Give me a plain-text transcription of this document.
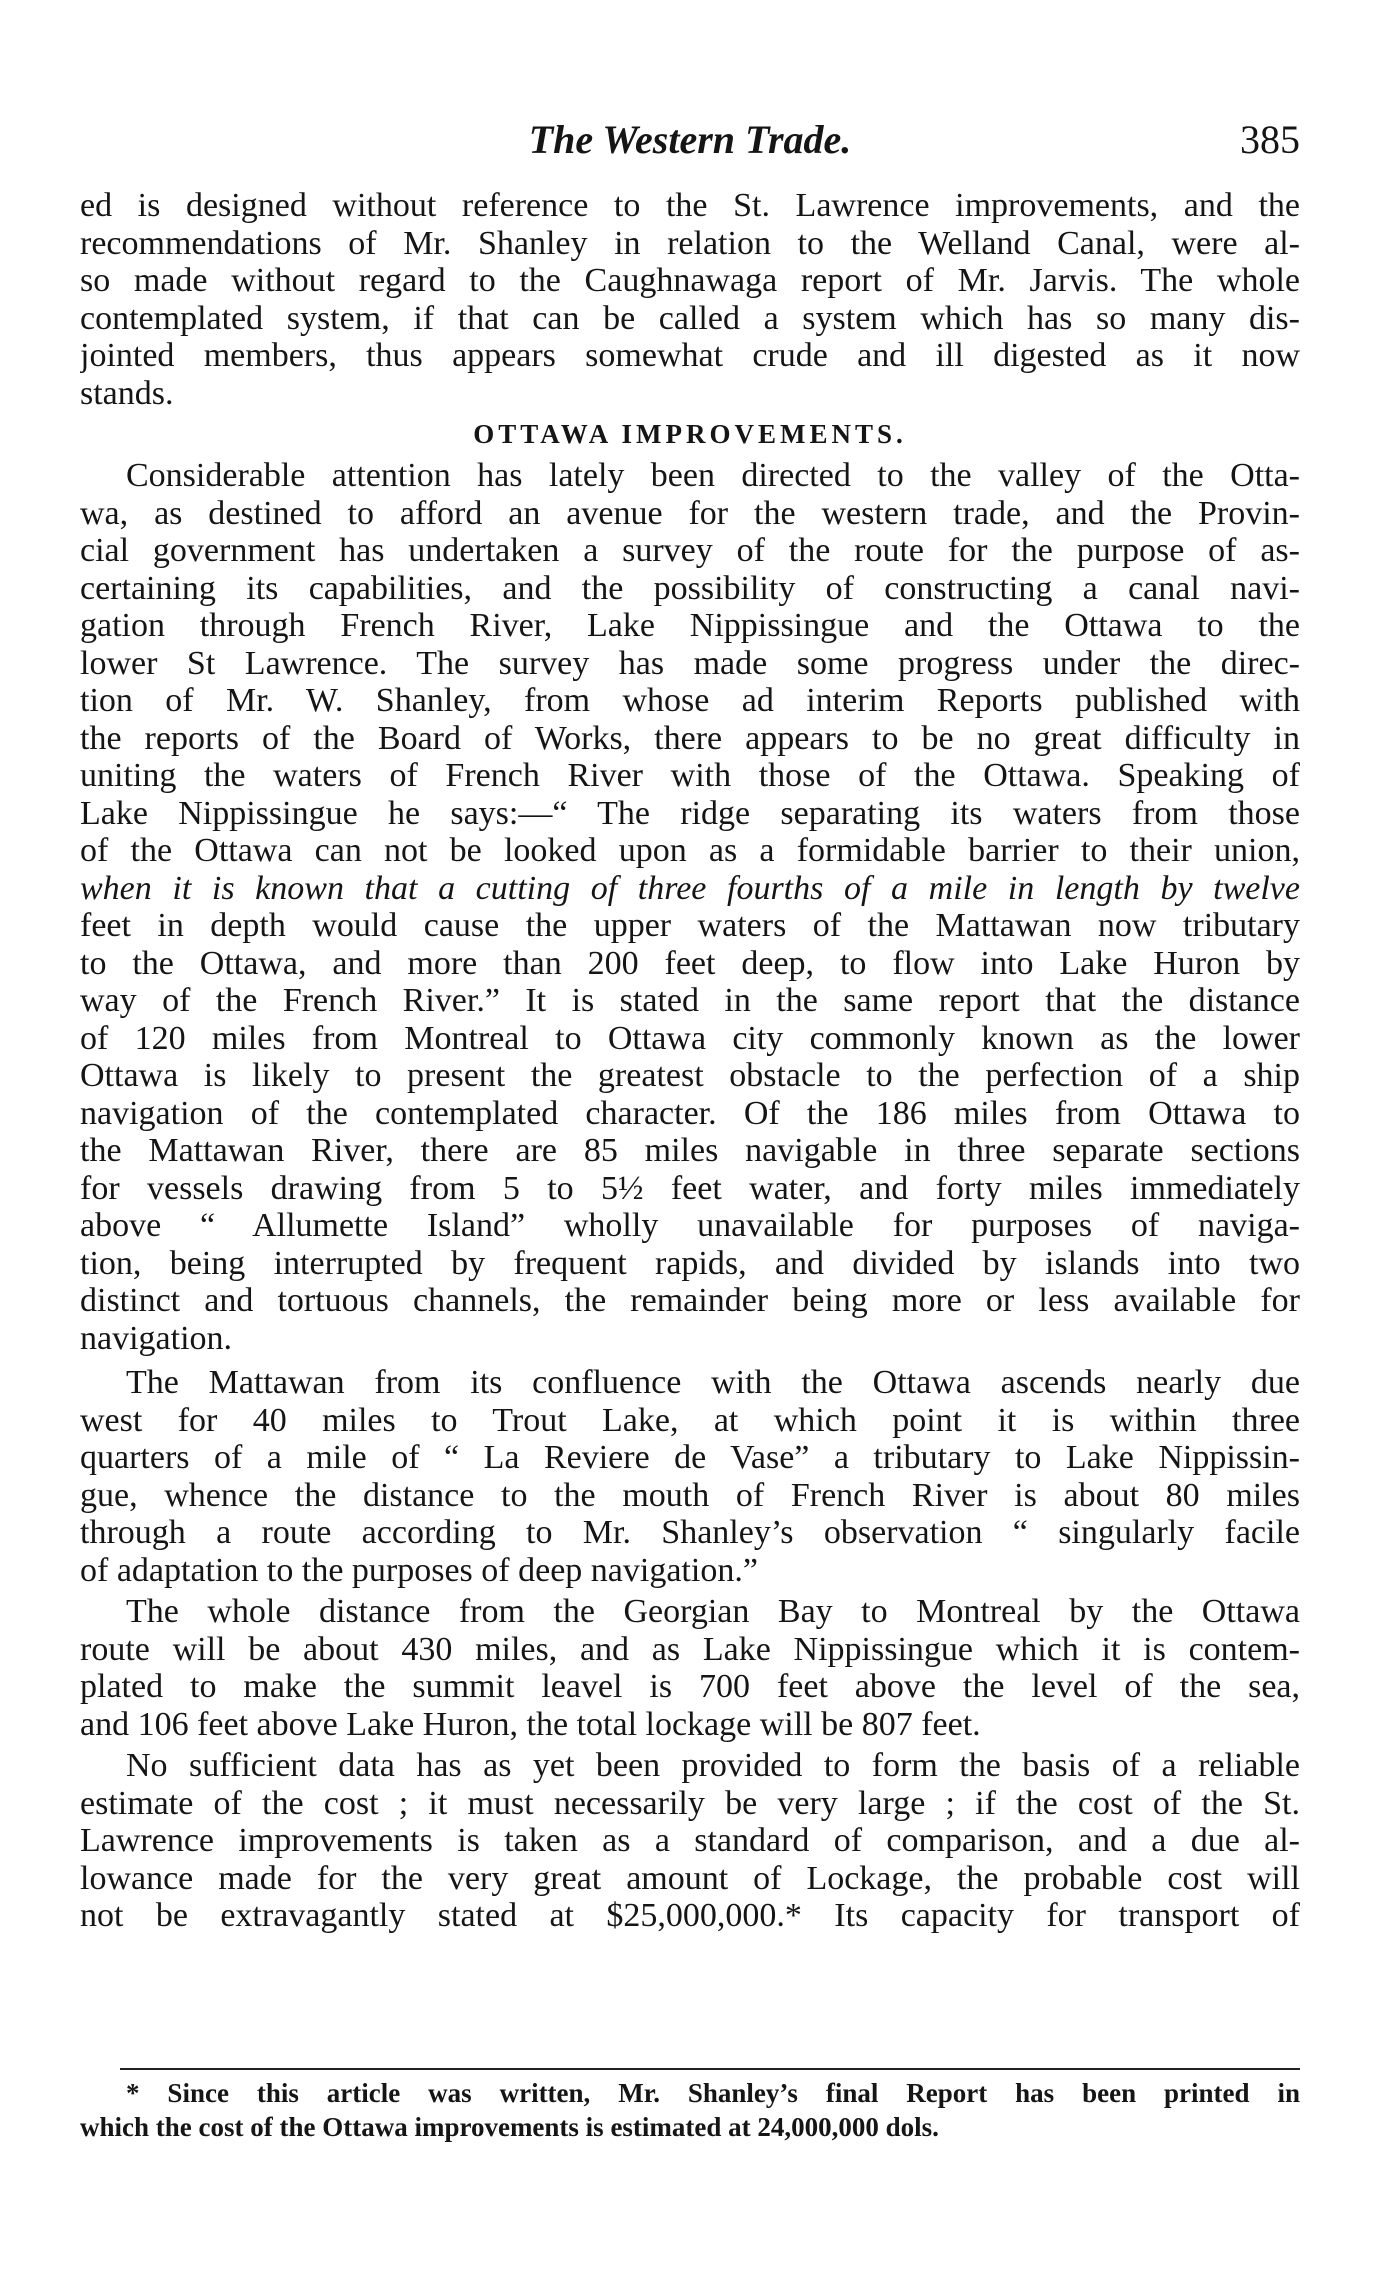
The Western Trade.	385
ed is designed without reference to the St. Lawrence improvements, and the
recommendations of Mr. Shanley in relation to the Welland Canal, were al-
so made without regard to the Caughnawaga report of Mr. Jarvis. The whole
contemplated system, if that can be called a system which has so many dis-
jointed members, thus appears somewhat crude and ill digested as it now
stands.
OTTAWA IMPROVEMENTS.
Considerable attention has lately been directed to the valley of the Otta-
wa, as destined to afford an avenue for the western trade, and the Provin-
cial government has undertaken a survey of the route for the purpose of as-
certaining its capabilities, and the possibility of constructing a canal navi-
gation through French River, Lake Nippissingue and the Ottawa to the
lower St Lawrence. The survey has made some progress under the direc-
tion of Mr. W. Shanley, from whose ad interim Reports published with
the reports of the Board of Works, there appears to be no great difficulty in
uniting the waters of French River with those of the Ottawa. Speaking of
Lake Nippissingue he says:—“ The ridge separating its waters from those
of the Ottawa can not be looked upon as a formidable barrier to their union,
when it is known that a cutting of three fourths of a mile in length by twelve
feet in depth would cause the upper waters of the Mattawan now tributary
to the Ottawa, and more than 200 feet deep, to flow into Lake Huron by
way of the French River.” It is stated in the same report that the distance
of 120 miles from Montreal to Ottawa city commonly known as the lower
Ottawa is likely to present the greatest obstacle to the perfection of a ship
navigation of the contemplated character. Of the 186 miles from Ottawa to
the Mattawan River, there are 85 miles navigable in three separate sections
for vessels drawing from 5 to 5½ feet water, and forty miles immediately
above “ Allumette Island” wholly unavailable for purposes of naviga-
tion, being interrupted by frequent rapids, and divided by islands into two
distinct and tortuous channels, the remainder being more or less available for
navigation.
The Mattawan from its confluence with the Ottawa ascends nearly due
west for 40 miles to Trout Lake, at which point it is within three
quarters of a mile of “ La Reviere de Vase” a tributary to Lake Nippissin-
gue, whence the distance to the mouth of French River is about 80 miles
through a route according to Mr. Shanley’s observation “ singularly facile
of adaptation to the purposes of deep navigation.”
The whole distance from the Georgian Bay to Montreal by the Ottawa
route will be about 430 miles, and as Lake Nippissingue which it is contem-
plated to make the summit leavel is 700 feet above the level of the sea,
and 106 feet above Lake Huron, the total lockage will be 807 feet.
No sufficient data has as yet been provided to form the basis of a reliable
estimate of the cost ; it must necessarily be very large ; if the cost of the St.
Lawrence improvements is taken as a standard of comparison, and a due al-
lowance made for the very great amount of Lockage, the probable cost will
not be extravagantly stated at $25,000,000.* Its capacity for transport of
* Since this article was written, Mr. Shanley’s final Report has been printed in
which the cost of the Ottawa improvements is estimated at 24,000,000 dols.
